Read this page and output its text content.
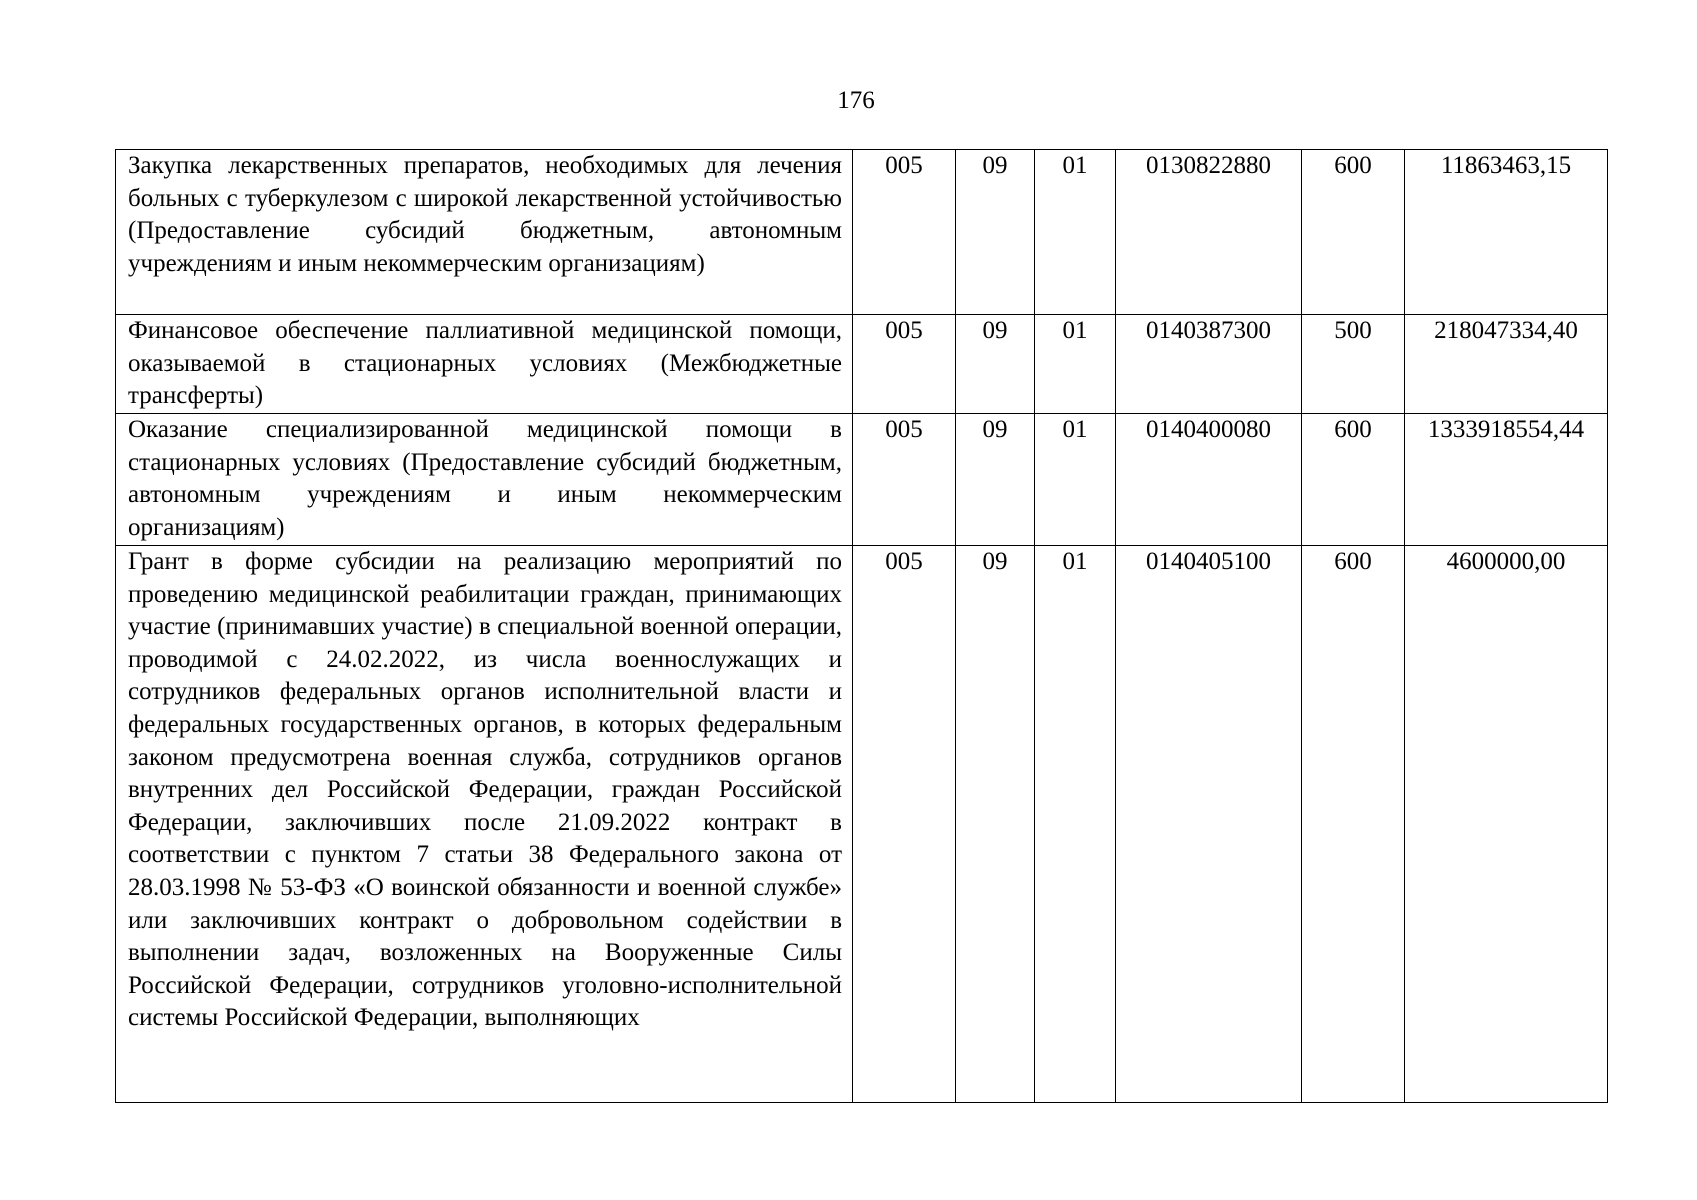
176
Закупка лекарственных препаратов, необходимых для лечения больных с туберкулезом с широкой лекарственной устойчивостью (Предоставление субсидий бюджетным, автономным учреждениям и иным некоммерческим организациям)	005	09	01	0130822880	600	11863463,15
Финансовое обеспечение паллиативной медицинской помощи, оказываемой в стационарных условиях (Межбюджетные трансферты)	005	09	01	0140387300	500	218047334,40
Оказание специализированной медицинской помощи в стационарных условиях (Предоставление субсидий бюджетным, автономным учреждениям и иным некоммерческим организациям)	005	09	01	0140400080	600	1333918554,44
Грант в форме субсидии на реализацию мероприятий по проведению медицинской реабилитации граждан, принимающих участие (принимавших участие) в специальной военной операции, проводимой с 24.02.2022, из числа военнослужащих и сотрудников федеральных органов исполнительной власти и федеральных государственных органов, в которых федеральным законом предусмотрена военная служба, сотрудников органов внутренних дел Российской Федерации, граждан Российской Федерации, заключивших после 21.09.2022 контракт в соответствии с пунктом 7 статьи 38 Федерального закона от 28.03.1998 № 53-ФЗ «О воинской обязанности и военной службе» или заключивших контракт о добровольном содействии в выполнении задач, возложенных на Вооруженные Силы Российской Федерации, сотрудников уголовно-исполнительной системы Российской Федерации, выполняющих	005	09	01	0140405100	600	4600000,00
